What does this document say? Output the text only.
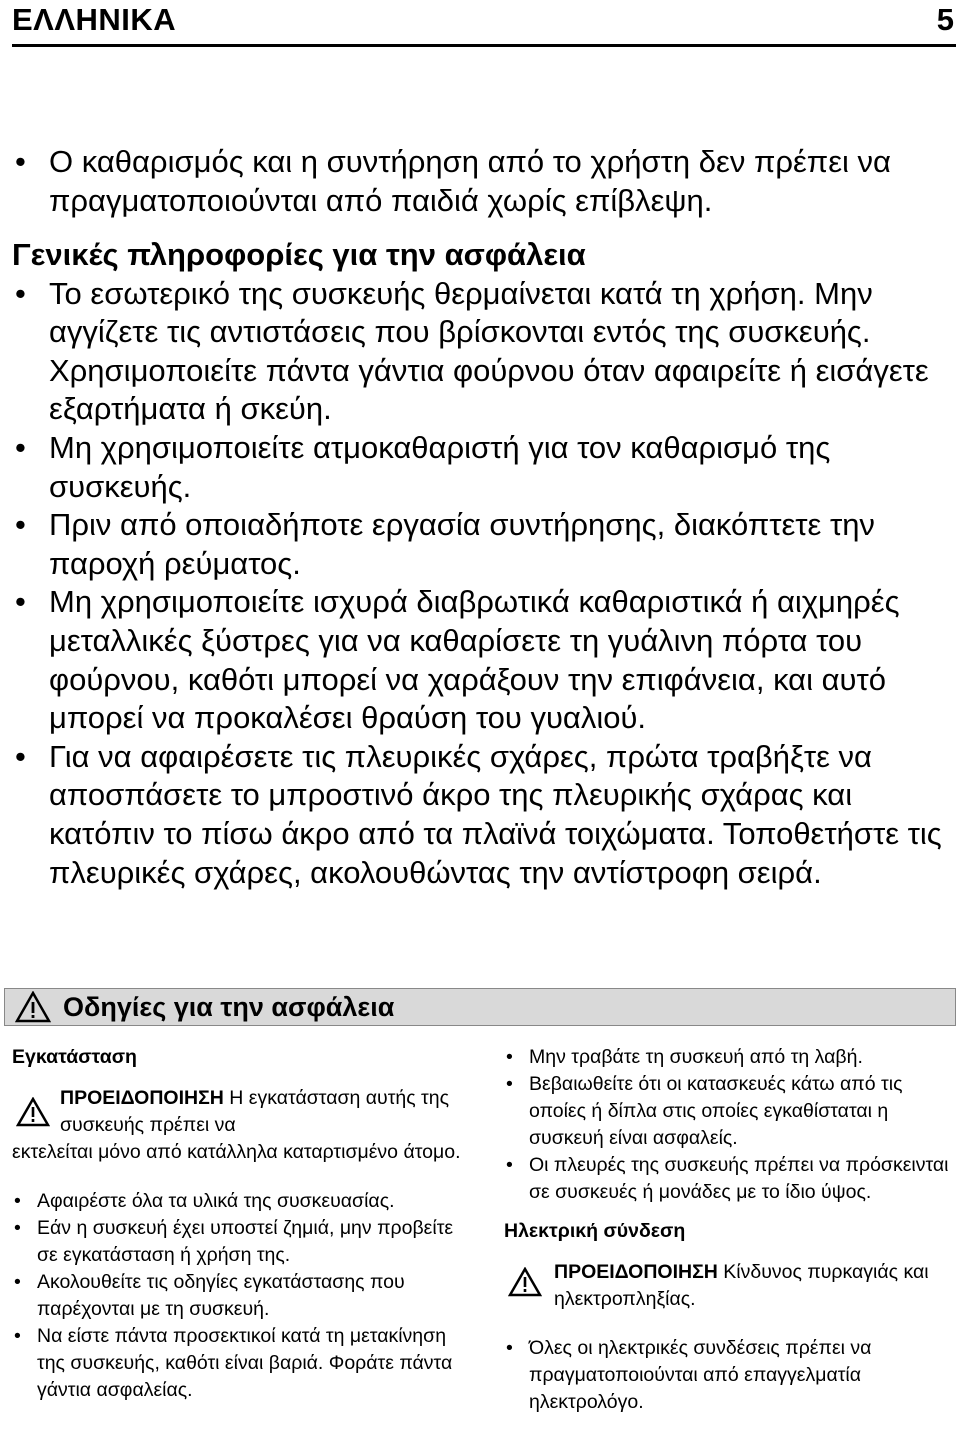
ΕΛΛΗΝΙΚΑ	5
• Ο καθαρισμός και η συντήρηση από το χρήστη δεν πρέπει να πραγματοποιούνται από παιδιά χωρίς επίβλεψη.
Γενικές πληροφορίες για την ασφάλεια
• Το εσωτερικό της συσκευής θερμαίνεται κατά τη χρήση. Μην αγγίζετε τις αντιστάσεις που βρίσκονται εντός της συσκευής. Χρησιμοποιείτε πάντα γάντια φούρνου όταν αφαιρείτε ή εισάγετε εξαρτήματα ή σκεύη.
• Μη χρησιμοποιείτε ατμοκαθαριστή για τον καθαρισμό της συσκευής.
• Πριν από οποιαδήποτε εργασία συντήρησης, διακόπτετε την παροχή ρεύματος.
• Μη χρησιμοποιείτε ισχυρά διαβρωτικά καθαριστικά ή αιχμηρές μεταλλικές ξύστρες για να καθαρίσετε τη γυάλινη πόρτα του φούρνου, καθότι μπορεί να χαράξουν την επιφάνεια, και αυτό μπορεί να προκαλέσει θραύση του γυαλιού.
• Για να αφαιρέσετε τις πλευρικές σχάρες, πρώτα τραβήξτε να αποσπάσετε το μπροστινό άκρο της πλευρικής σχάρας και κατόπιν το πίσω άκρο από τα πλαϊνά τοιχώματα. Τοποθετήστε τις πλευρικές σχάρες, ακολουθώντας την αντίστροφη σειρά.
Οδηγίες για την ασφάλεια
Εγκατάσταση
ΠΡΟΕΙΔΟΠΟΙΗΣΗ Η εγκατάσταση αυτής της συσκευής πρέπει να
εκτελείται μόνο από κατάλληλα καταρτισμένο άτομο.
• Αφαιρέστε όλα τα υλικά της συσκευασίας.
• Εάν η συσκευή έχει υποστεί ζημιά, μην προβείτε σε εγκατάσταση ή χρήση της.
• Ακολουθείτε τις οδηγίες εγκατάστασης που παρέχονται με τη συσκευή.
• Να είστε πάντα προσεκτικοί κατά τη μετακίνηση της συσκευής, καθότι είναι βαριά. Φοράτε πάντα γάντια ασφαλείας.
• Μην τραβάτε τη συσκευή από τη λαβή.
• Βεβαιωθείτε ότι οι κατασκευές κάτω από τις οποίες ή δίπλα στις οποίες εγκαθίσταται η συσκευή είναι ασφαλείς.
• Οι πλευρές της συσκευής πρέπει να πρόσκεινται σε συσκευές ή μονάδες με το ίδιο ύψος.
Ηλεκτρική σύνδεση
ΠΡΟΕΙΔΟΠΟΙΗΣΗ Κίνδυνος πυρκαγιάς και ηλεκτροπληξίας.
• Όλες οι ηλεκτρικές συνδέσεις πρέπει να πραγματοποιούνται από επαγγελματία ηλεκτρολόγο.
